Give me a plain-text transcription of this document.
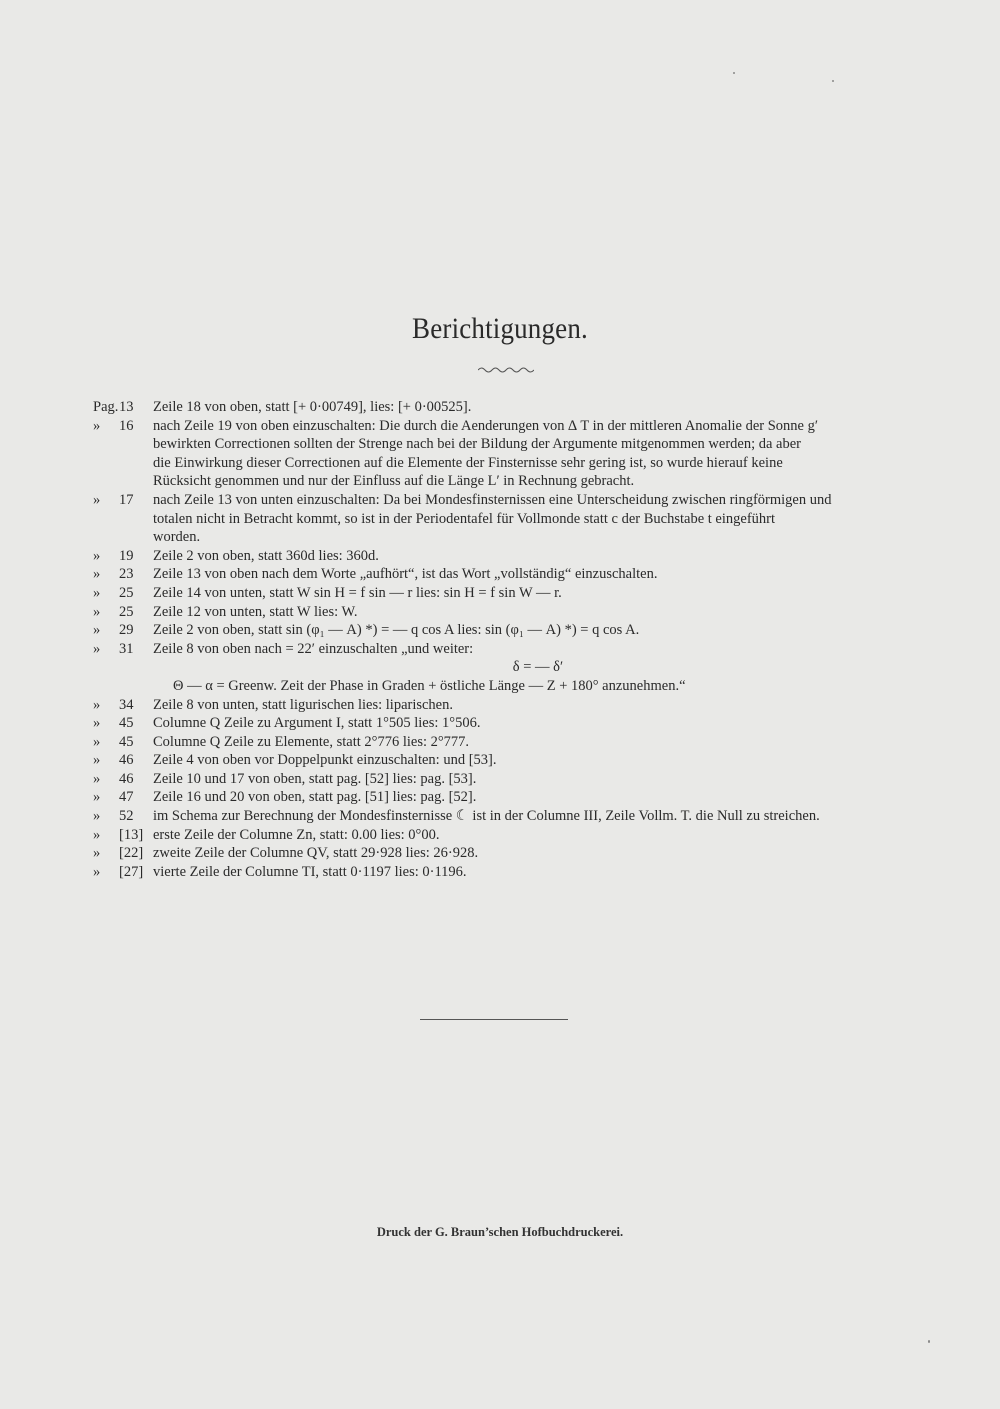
Berichtigungen.
Pag.13	Zeile 18 von oben, statt [+ 0·00749], lies: [+ 0·00525].
» 16	nach Zeile 19 von oben einzuschalten: Die durch die Aenderungen von ∆ T in der mittleren Anomalie der Sonne g′
bewirkten Correctionen sollten der Strenge nach bei der Bildung der Argumente mitgenommen werden; da aber
die Einwirkung dieser Correctionen auf die Elemente der Finsternisse sehr gering ist, so wurde hierauf keine
Rücksicht genommen und nur der Einfluss auf die Länge L′ in Rechnung gebracht.
» 17	nach Zeile 13 von unten einzuschalten: Da bei Mondesfinsternissen eine Unterscheidung zwischen ringförmigen und
totalen nicht in Betracht kommt, so ist in der Periodentafel für Vollmonde statt c der Buchstabe t eingeführt
worden.
» 19	Zeile 2 von oben, statt 360d lies: 360d.
» 23	Zeile 13 von oben nach dem Worte „aufhört“, ist das Wort „vollständig“ einzuschalten.
» 25	Zeile 14 von unten, statt W sin H = f sin — r lies: sin H = f sin W — r.
» 25	Zeile 12 von unten, statt W lies: W.
» 29	Zeile 2 von oben, statt sin (φ₁ — A) *) = — q cos A lies: sin (φ₁ — A) *) = q cos A.
» 31	Zeile 8 von oben nach = 22′ einzuschalten „und weiter:
δ = — δ′
Θ — α = Greenw. Zeit der Phase in Graden + östliche Länge — Z + 180° anzunehmen.“
» 34	Zeile 8 von unten, statt ligurischen lies: liparischen.
» 45	Columne Q Zeile zu Argument I, statt 1°505 lies: 1°506.
» 45	Columne Q Zeile zu Elemente, statt 2°776 lies: 2°777.
» 46	Zeile 4 von oben vor Doppelpunkt einzuschalten: und [53].
» 46	Zeile 10 und 17 von oben, statt pag. [52] lies: pag. [53].
» 47	Zeile 16 und 20 von oben, statt pag. [51] lies: pag. [52].
» 52	im Schema zur Berechnung der Mondesfinsternisse ☾ ist in der Columne III, Zeile Vollm. T. die Null zu streichen.
» [13] erste Zeile der Columne Zn, statt: 0.00 lies: 0°00.
» [22] zweite Zeile der Columne QV, statt 29·928 lies: 26·928.
» [27] vierte Zeile der Columne TI, statt 0·1197 lies: 0·1196.
Druck der G. Braun’schen Hofbuchdruckerei.
